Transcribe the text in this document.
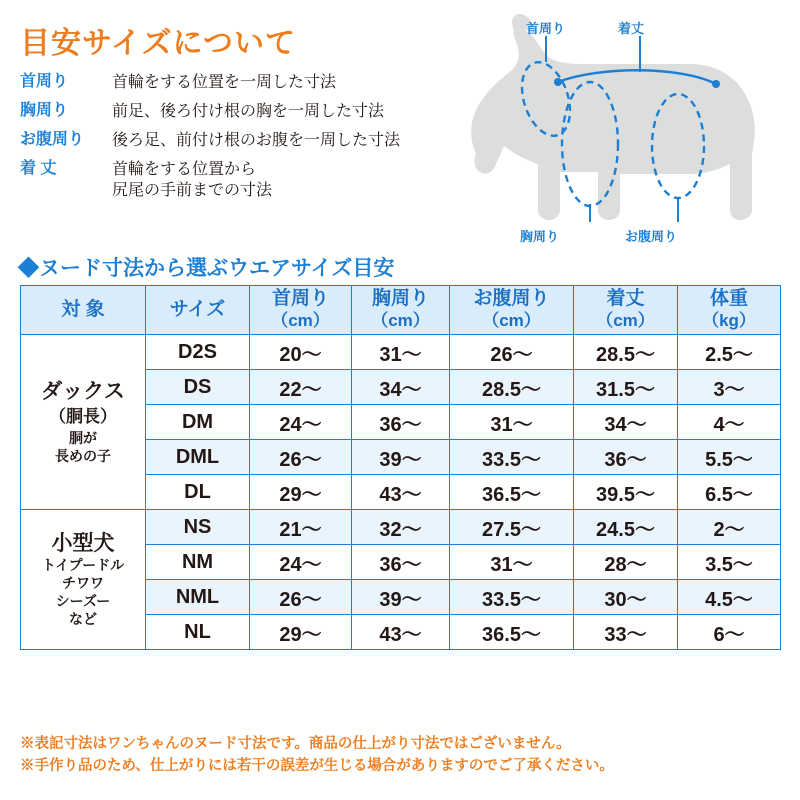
目安サイズについて
首周り	首輪をする位置を一周した寸法
胸周り	前足、後ろ付け根の胸を一周した寸法
お腹周り	後ろ足、前付け根のお腹を一周した寸法
着 丈	首輪をする位置から
尻尾の手前までの寸法
首周り	着丈
胸周り	お腹周り
◆ヌード寸法から選ぶウエアサイズ目安
対 象	サイズ	首周り
（cm）	胸周り
（cm）	お腹周り
（cm）	着丈
（cm）	体重
（kg）

ダックス
（胴長）
胴が
長めの子	D2S	20〜	31〜	26〜	28.5〜	2.5〜
	DS	22〜	34〜	28.5〜	31.5〜	3〜
	DM	24〜	36〜	31〜	34〜	4〜
	DML	26〜	39〜	33.5〜	36〜	5.5〜
	DL	29〜	43〜	36.5〜	39.5〜	6.5〜

小型犬
トイプードル
チワワ
シーズー
など	NS	21〜	32〜	27.5〜	24.5〜	2〜
	NM	24〜	36〜	31〜	28〜	3.5〜
	NML	26〜	39〜	33.5〜	30〜	4.5〜
	NL	29〜	43〜	36.5〜	33〜	6〜
※表記寸法はワンちゃんのヌード寸法です。商品の仕上がり寸法ではございません。
※手作り品のため、仕上がりには若干の誤差が生じる場合がありますのでご了承ください。
